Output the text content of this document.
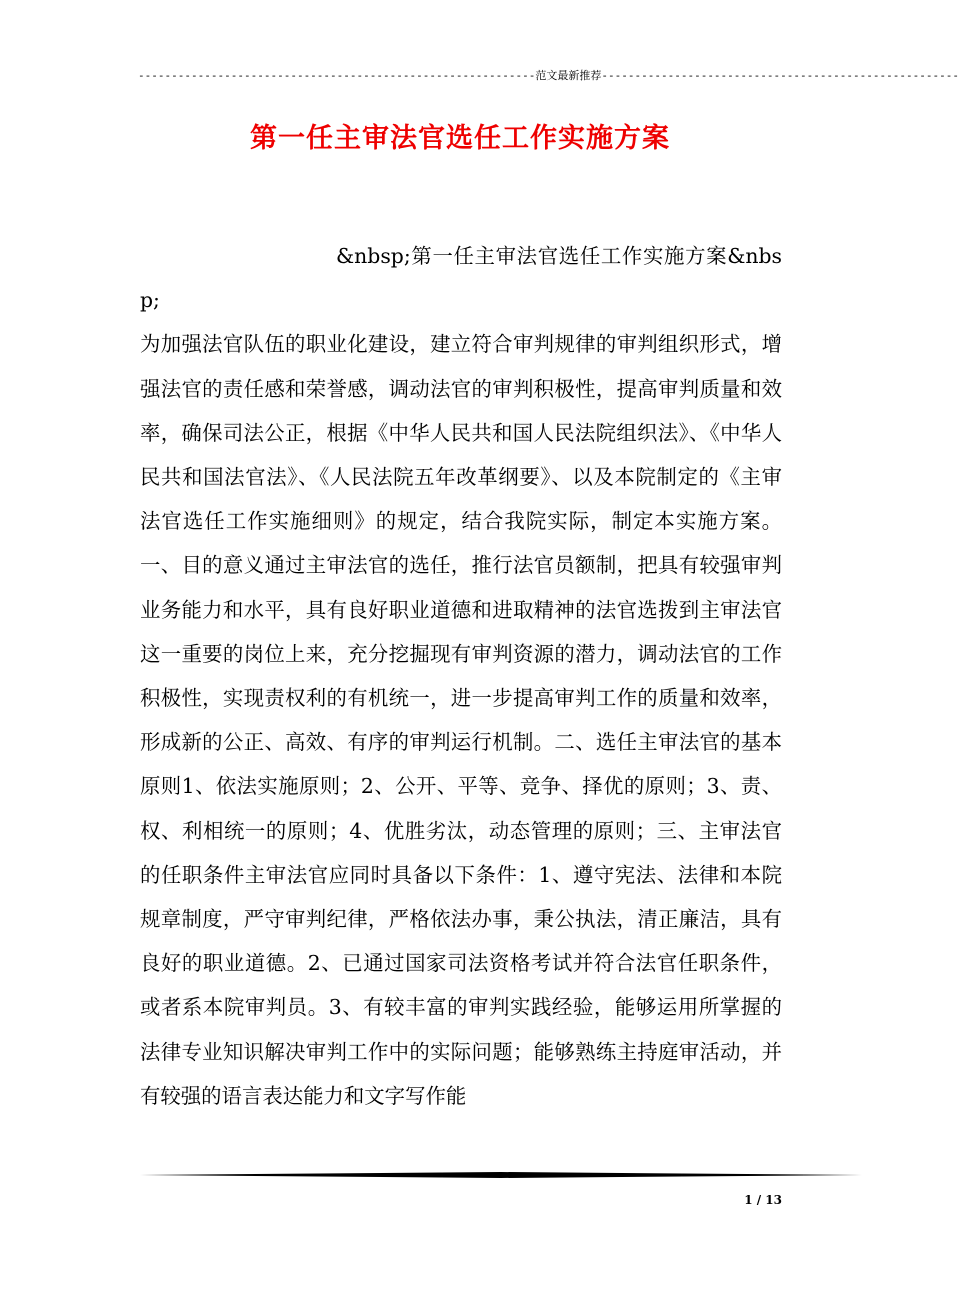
------------------------------------------------------------范文最新推荐------------------------------------------------------
第一任主审法官选任工作实施方案

&nbsp;第一任主审法官选任工作实施方案&nbsp;

为加强法官队伍的职业化建设，建立符合审判规律的审判组织形式，增强法官的责任感和荣誉感，调动法官的审判积极性，提高审判质量和效率，确保司法公正，根据《中华人民共和国人民法院组织法》、《中华人民共和国法官法》、《人民法院五年改革纲要》、以及本院制定的《主审法官选任工作实施细则》的规定，结合我院实际，制定本实施方案。一、目的意义通过主审法官的选任，推行法官员额制，把具有较强审判业务能力和水平，具有良好职业道德和进取精神的法官选拨到主审法官这一重要的岗位上来，充分挖掘现有审判资源的潜力，调动法官的工作积极性，实现责权利的有机统一，进一步提高审判工作的质量和效率，形成新的公正、高效、有序的审判运行机制。二、选任主审法官的基本原则1、依法实施原则；2、公开、平等、竞争、择优的原则；3、责、权、利相统一的原则；4、优胜劣汰，动态管理的原则；三、主审法官的任职条件主审法官应同时具备以下条件：1、遵守宪法、法律和本院规章制度，严守审判纪律，严格依法办事，秉公执法，清正廉洁，具有良好的职业道德。2、已通过国家司法资格考试并符合法官任职条件，或者系本院审判员。3、有较丰富的审判实践经验，能够运用所掌握的法律专业知识解决审判工作中的实际问题；能够熟练主持庭审活动，并有较强的语言表达能力和文字写作能

1 / 13
